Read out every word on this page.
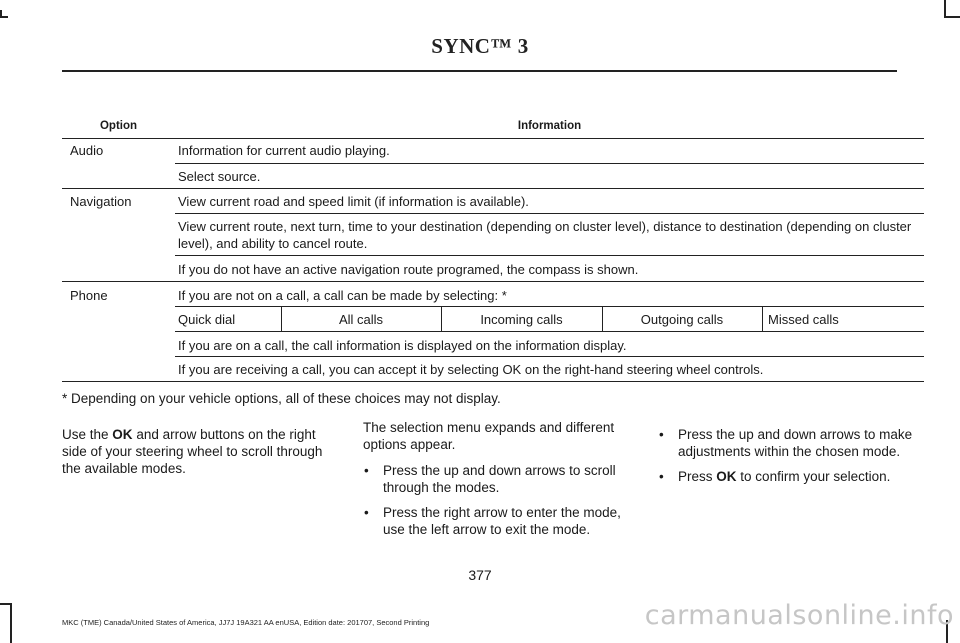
SYNC™ 3
Option	Information
Audio	Information for current audio playing.
Select source.
Navigation	View current road and speed limit (if information is available).
View current route, next turn, time to your destination (depending on cluster level), distance to destination (depending on cluster level), and ability to cancel route.
If you do not have an active navigation route programed, the compass is shown.
Phone	If you are not on a call, a call can be made by selecting: *
Quick dial	All calls	Incoming calls	Outgoing calls	Missed calls
If you are on a call, the call information is displayed on the information display.
If you are receiving a call, you can accept it by selecting OK on the right-hand steering wheel controls.
* Depending on your vehicle options, all of these choices may not display.

Use the OK and arrow buttons on the right side of your steering wheel to scroll through the available modes.

The selection menu expands and different options appear.

• Press the up and down arrows to scroll through the modes.
• Press the right arrow to enter the mode, use the left arrow to exit the mode.
• Press the up and down arrows to make adjustments within the chosen mode.
• Press OK to confirm your selection.
377
MKC (TME) Canada/United States of America, JJ7J 19A321 AA enUSA, Edition date: 201707, Second Printing	carmanualsonline.info
